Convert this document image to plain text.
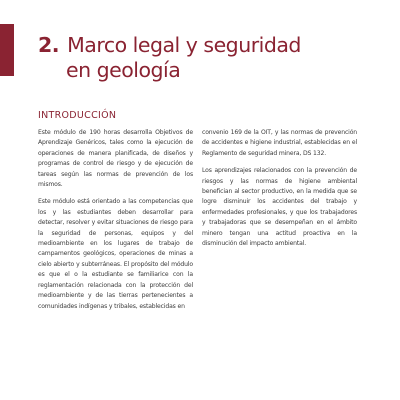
2. Marco legal y seguridad
en geología
INTRODUCCIÓN

Este módulo de 190 horas desarrolla Objetivos de Aprendizaje Genéricos, tales como la ejecución de operaciones de manera planificada, de diseños y programas de control de riesgo y de ejecución de tareas según las normas de prevención de los mismos.

Este módulo está orientado a las competencias que los y las estudiantes deben desarrollar para detectar, resolver y evitar situaciones de riesgo para la seguridad de personas, equipos y del medioambiente en los lugares de trabajo de campamentos geológicos, operaciones de minas a cielo abierto y subterráneas. El propósito del módulo es que el o la estudiante se familiarice con la reglamentación relacionada con la protección del medioambiente y de las tierras pertenecientes a comunidades indígenas y tribales, establecidas en

convenio 169 de la OIT, y las normas de prevención de accidentes e higiene industrial, establecidas en el Reglamento de seguridad minera, DS 132.

Los aprendizajes relacionados con la prevención de riesgos y las normas de higiene ambiental benefician al sector productivo, en la medida que se logre disminuir los accidentes del trabajo y enfermedades profesionales, y que los trabajadores y trabajadoras que se desempeñan en el ámbito minero tengan una actitud proactiva en la disminución del impacto ambiental.
